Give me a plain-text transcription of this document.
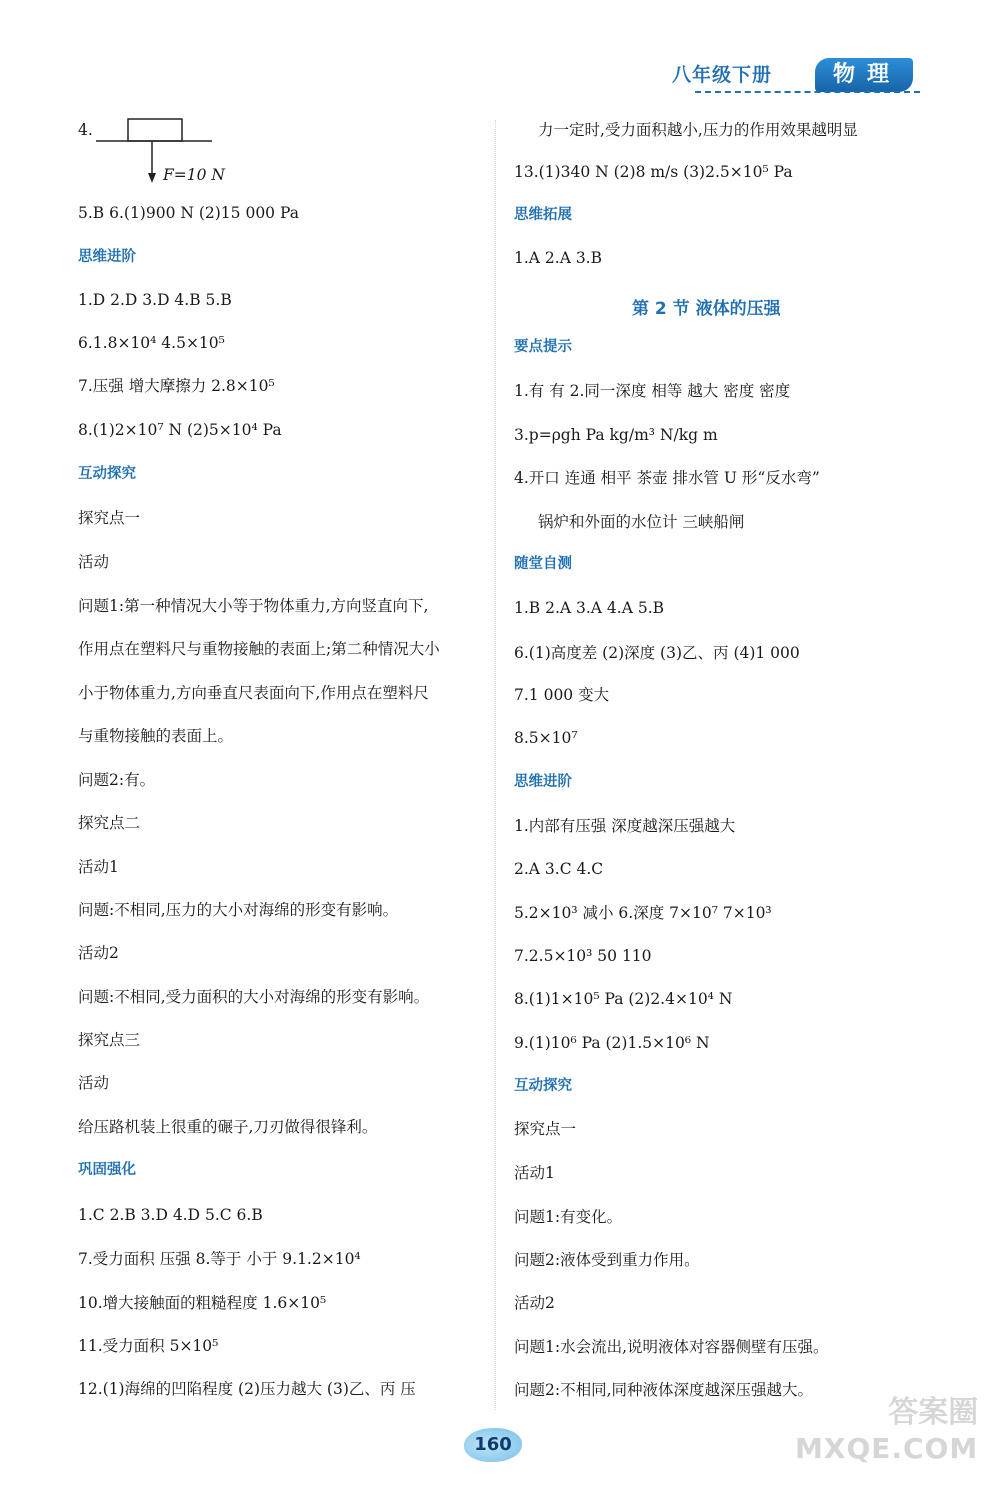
八年级下册	物理
4.
F=10 N
5.B 6.(1)900 N (2)15 000 Pa
思维进阶
1.D 2.D 3.D 4.B 5.B
6.1.8×10⁴ 4.5×10⁵
7.压强 增大摩擦力 2.8×10⁵
8.(1)2×10⁷ N (2)5×10⁴ Pa
互动探究
探究点一
活动
问题1:第一种情况大小等于物体重力,方向竖直向下,
作用点在塑料尺与重物接触的表面上;第二种情况大小
小于物体重力,方向垂直尺表面向下,作用点在塑料尺
与重物接触的表面上。
问题2:有。
探究点二
活动1
问题:不相同,压力的大小对海绵的形变有影响。
活动2
问题:不相同,受力面积的大小对海绵的形变有影响。
探究点三
活动
给压路机装上很重的碾子,刀刃做得很锋利。
巩固强化
1.C 2.B 3.D 4.D 5.C 6.B
7.受力面积 压强 8.等于 小于 9.1.2×10⁴
10.增大接触面的粗糙程度 1.6×10⁵
11.受力面积 5×10⁵
12.(1)海绵的凹陷程度 (2)压力越大 (3)乙、丙 压
力一定时,受力面积越小,压力的作用效果越明显
13.(1)340 N (2)8 m/s (3)2.5×10⁵ Pa
思维拓展
1.A 2.A 3.B
第 2 节 液体的压强
要点提示
1.有 有 2.同一深度 相等 越大 密度 密度
3.p=ρgh Pa kg/m³ N/kg m
4.开口 连通 相平 茶壶 排水管 U 形“反水弯”
锅炉和外面的水位计 三峡船闸
随堂自测
1.B 2.A 3.A 4.A 5.B
6.(1)高度差 (2)深度 (3)乙、丙 (4)1 000
7.1 000 变大
8.5×10⁷
思维进阶
1.内部有压强 深度越深压强越大
2.A 3.C 4.C
5.2×10³ 减小 6.深度 7×10⁷ 7×10³
7.2.5×10³ 50 110
8.(1)1×10⁵ Pa (2)2.4×10⁴ N
9.(1)10⁶ Pa (2)1.5×10⁶ N
互动探究
探究点一
活动1
问题1:有变化。
问题2:液体受到重力作用。
活动2
问题1:水会流出,说明液体对容器侧壁有压强。
问题2:不相同,同种液体深度越深压强越大。
160
答案圈
MXQE.COM
